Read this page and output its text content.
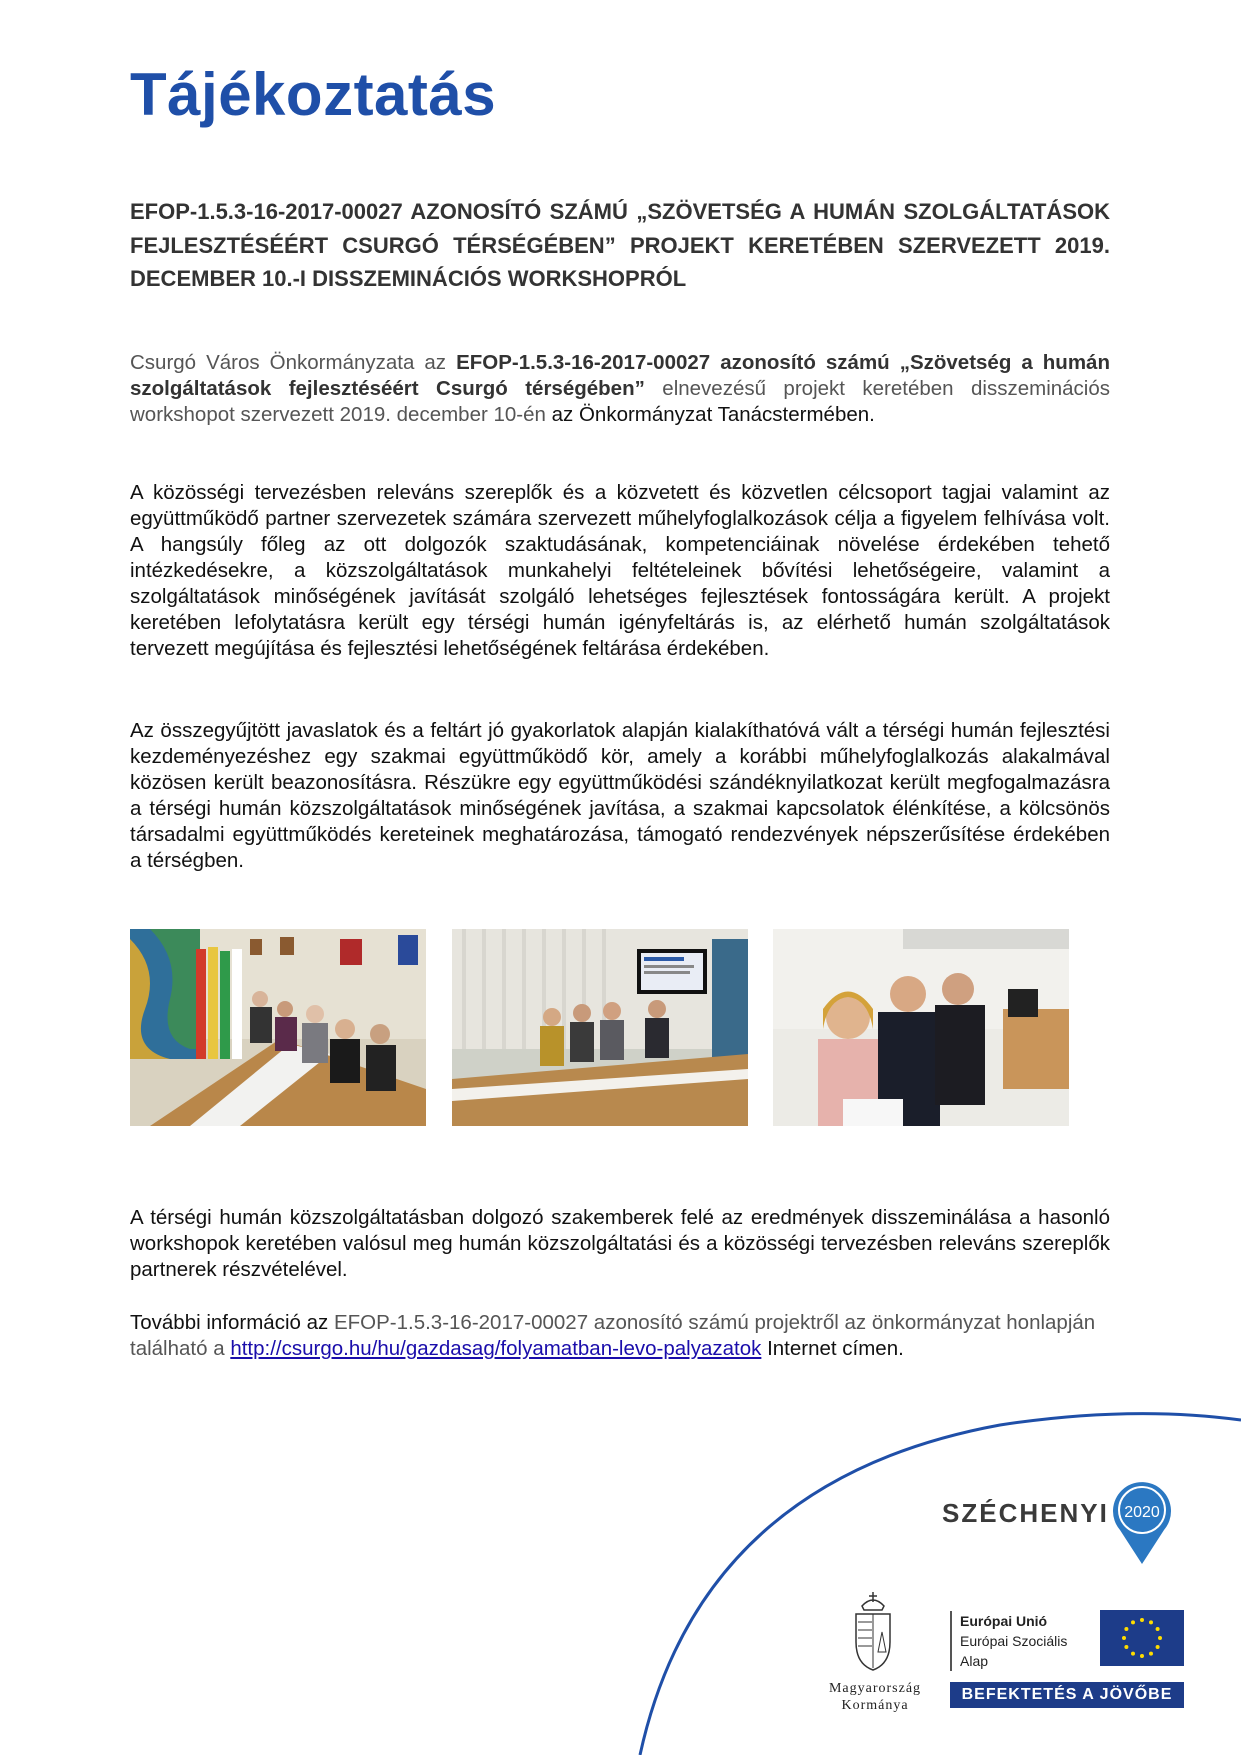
Tájékoztatás
EFOP-1.5.3-16-2017-00027 AZONOSÍTÓ SZÁMÚ „SZÖVETSÉG A HUMÁN SZOLGÁLTATÁSOK FEJLESZTÉSÉÉRT CSURGÓ TÉRSÉGÉBEN” PROJEKT KERETÉBEN SZERVEZETT 2019. DECEMBER 10.-I DISSZEMINÁCIÓS WORKSHOPRÓL
Csurgó Város Önkormányzata az EFOP-1.5.3-16-2017-00027 azonosító számú „Szövetség a humán szolgáltatások fejlesztéséért Csurgó térségében” elnevezésű projekt keretében disszeminációs workshopot szervezett 2019. december 10-én az Önkormányzat Tanácstermében.
A közösségi tervezésben releváns szereplők és a közvetett és közvetlen célcsoport tagjai valamint az együttműködő partner szervezetek számára szervezett műhelyfoglalkozások célja a figyelem felhívása volt. A hangsúly főleg az ott dolgozók szaktudásának, kompetenciáinak növelése érdekében tehető intézkedésekre, a közszolgáltatások munkahelyi feltételeinek bővítési lehetőségeire, valamint a szolgáltatások minőségének javítását szolgáló lehetséges fejlesztések fontosságára került. A projekt keretében lefolytatásra került egy térségi humán igényfeltárás is, az elérhető humán szolgáltatások tervezett megújítása és fejlesztési lehetőségének feltárása érdekében.
Az összegyűjtött javaslatok és a feltárt jó gyakorlatok alapján kialakíthatóvá vált a térségi humán fejlesztési kezdeményezéshez egy szakmai együttműködő kör, amely a korábbi műhelyfoglalkozás alakalmával közösen került beazonosításra. Részükre egy együttműködési szándéknyilatkozat került megfogalmazásra a térségi humán közszolgáltatások minőségének javítása, a szakmai kapcsolatok élénkítése, a kölcsönös társadalmi együttműködés kereteinek meghatározása, támogató rendezvények népszerűsítése érdekében a térségben.
A térségi humán közszolgáltatásban dolgozó szakemberek felé az eredmények disszeminálása a hasonló workshopok keretében valósul meg humán közszolgáltatási és a közösségi tervezésben releváns szereplők partnerek részvételével.
További információ az EFOP-1.5.3-16-2017-00027 azonosító számú projektről az önkormányzat honlapján található a http://csurgo.hu/hu/gazdasag/folyamatban-levo-palyazatok Internet címen.
SZÉCHENYI 2020
Magyarország
Kormánya
Európai Unió
Európai Szociális
Alap
BEFEKTETÉS A JÖVŐBE
